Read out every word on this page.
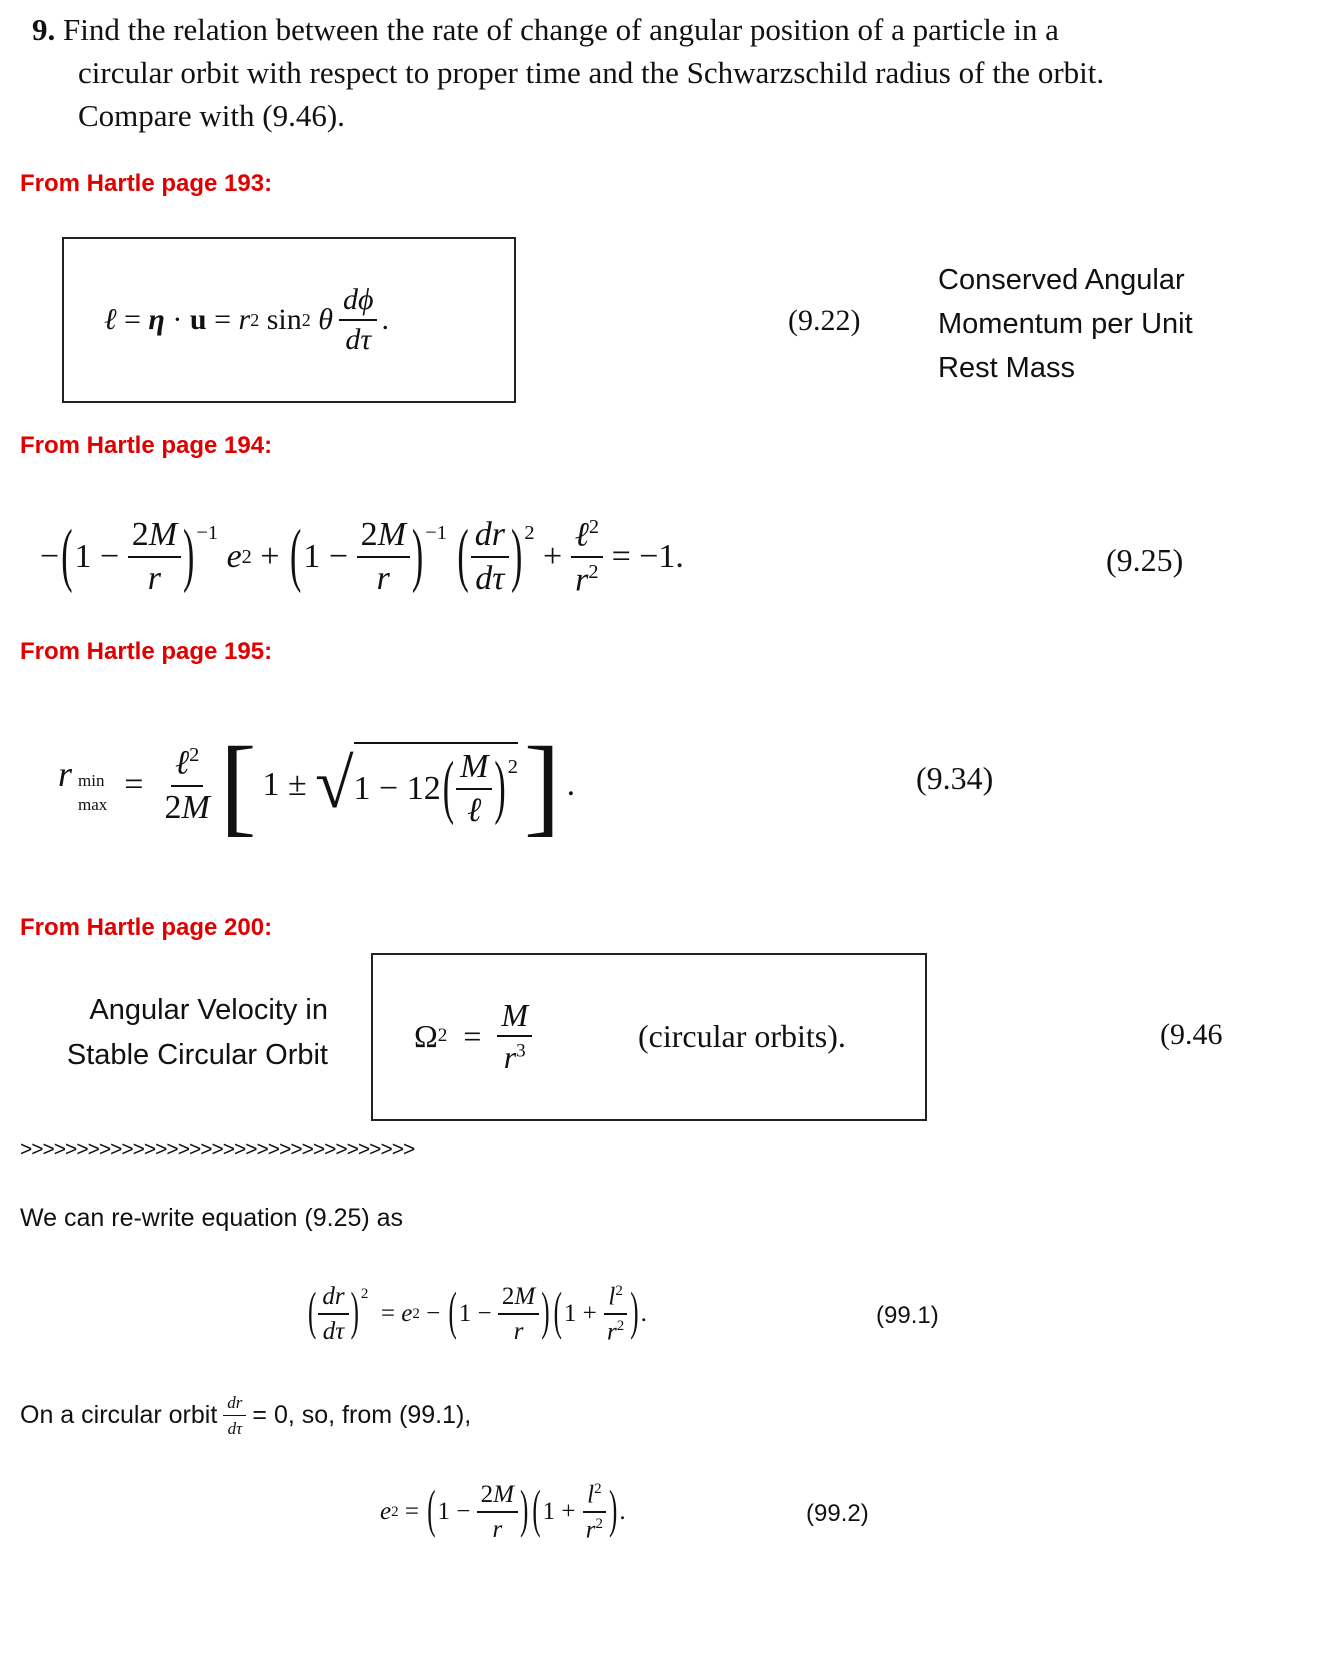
9. Find the relation between the rate of change of angular position of a particle in a
circular orbit with respect to proper time and the Schwarzschild radius of the orbit.
Compare with (9.46).
From Hartle page 193:
ℓ = η · u = r 2 sin 2
θ $\frac{d\phi}{d\tau}$ .	(9.22)
Conserved Angular
Momentum per Unit
Rest Mass
From Hartle page 194:
− ( $1 - \frac{2M}{r} )^{-1}$

e 2 + ( $1 - \frac{2M}{r} )^{-1}$
( $\frac{dr}{d\tau} )^2$
+ $\frac{\ell^2}{r^2} = -1$.	(9.25)
From Hartle page 195:
r min
max
= $\frac{\ell^2}{2M}$ [ 1 ± √ 1 − 12 ( $\frac{M}{\text{ℓ}} )^2$ ] .	(9.34)
From Hartle page 200:
Angular Velocity in
Stable Circular Orbit
Ω $2 = \frac{M}{r^3}$	(circular orbits).	(9.46
>>>>>>>>>>>>>>>>>>>>>>>>>>>>>>>>>>>
We can re-write equation (9.25) as
( $\frac{dr}{d\tau} )^2$
= e 2 − ( $1 - \frac{2M}{r}$ ) ( $1 + \frac{l^2}{r^2}$ ) .	(99.1)
On a circular orbit $\frac{dr}{d\tau} = 0$, so, from (99.1),
e 2 = ( $1 - \frac{2M}{r}$ ) ( $1 + \frac{l^2}{r^2}$ ) .	(99.2)
